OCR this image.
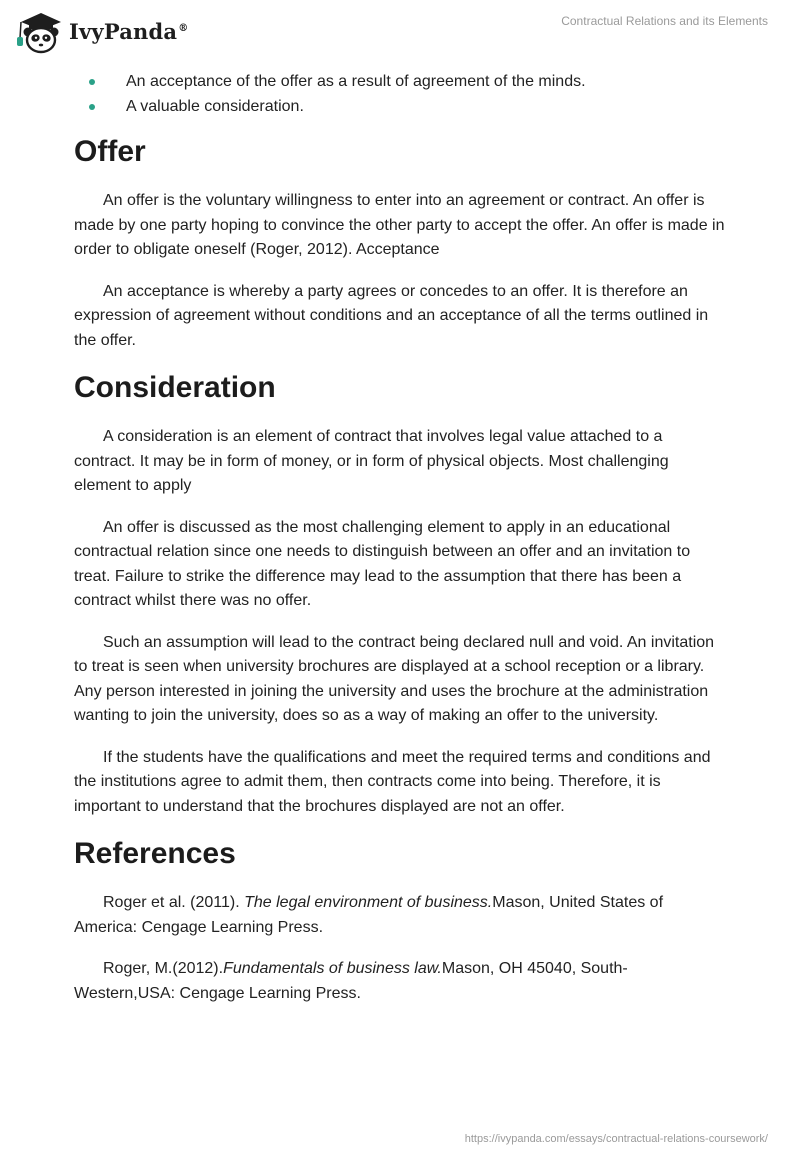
IvyPanda®	Contractual Relations and its Elements
An acceptance of the offer as a result of agreement of the minds.
A valuable consideration.
Offer

An offer is the voluntary willingness to enter into an agreement or contract. An offer is made by one party hoping to convince the other party to accept the offer. An offer is made in order to obligate oneself (Roger, 2012). Acceptance

An acceptance is whereby a party agrees or concedes to an offer. It is therefore an expression of agreement without conditions and an acceptance of all the terms outlined in the offer.

Consideration

A consideration is an element of contract that involves legal value attached to a contract. It may be in form of money, or in form of physical objects. Most challenging element to apply

An offer is discussed as the most challenging element to apply in an educational contractual relation since one needs to distinguish between an offer and an invitation to treat. Failure to strike the difference may lead to the assumption that there has been a contract whilst there was no offer.

Such an assumption will lead to the contract being declared null and void. An invitation to treat is seen when university brochures are displayed at a school reception or a library. Any person interested in joining the university and uses the brochure at the administration wanting to join the university, does so as a way of making an offer to the university.

If the students have the qualifications and meet the required terms and conditions and the institutions agree to admit them, then contracts come into being. Therefore, it is important to understand that the brochures displayed are not an offer.

References

Roger et al. (2011). The legal environment of business.Mason, United States of America: Cengage Learning Press.

Roger, M.(2012).Fundamentals of business law.Mason, OH 45040, South-Western,USA: Cengage Learning Press.

https://ivypanda.com/essays/contractual-relations-coursework/
